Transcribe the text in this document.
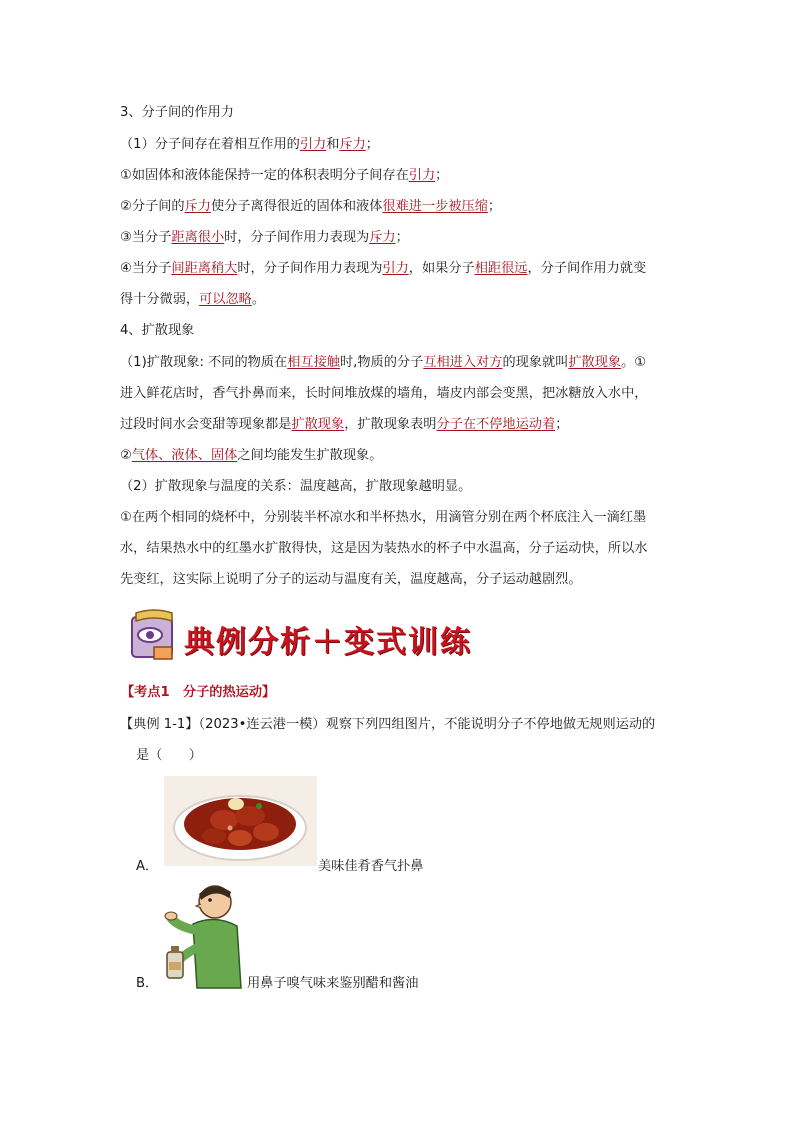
3、分子间的作用力
（1）分子间存在着相互作用的引力和斥力；
①如固体和液体能保持一定的体积表明分子间存在引力；
②分子间的斥力使分子离得很近的固体和液体很难进一步被压缩；
③当分子距离很小时，分子间作用力表现为斥力；
④当分子间距离稍大时，分子间作用力表现为引力，如果分子相距很远，分子间作用力就变
得十分微弱，可以忽略。
4、扩散现象
（1)扩散现象: 不同的物质在相互接触时,物质的分子互相进入对方的现象就叫扩散现象。①
进入鲜花店时，香气扑鼻而来，长时间堆放煤的墙角，墙皮内部会变黑，把冰糖放入水中，
过段时间水会变甜等现象都是扩散现象，扩散现象表明分子在不停地运动着；
②气体、液体、固体之间均能发生扩散现象。
（2）扩散现象与温度的关系：温度越高，扩散现象越明显。
①在两个相同的烧杯中，分别装半杯凉水和半杯热水，用滴管分别在两个杯底注入一滴红墨
水，结果热水中的红墨水扩散得快，这是因为装热水的杯子中水温高，分子运动快，所以水
先变红，这实际上说明了分子的运动与温度有关，温度越高，分子运动越剧烈。
典例分析＋变式训练
【考点1　分子的热运动】
【典例 1-1】（2023•连云港一模）观察下列四组图片，不能说明分子不停地做无规则运动的
是（　　）
A．	美味佳肴香气扑鼻
B．	用鼻子嗅气味来鉴别醋和酱油
